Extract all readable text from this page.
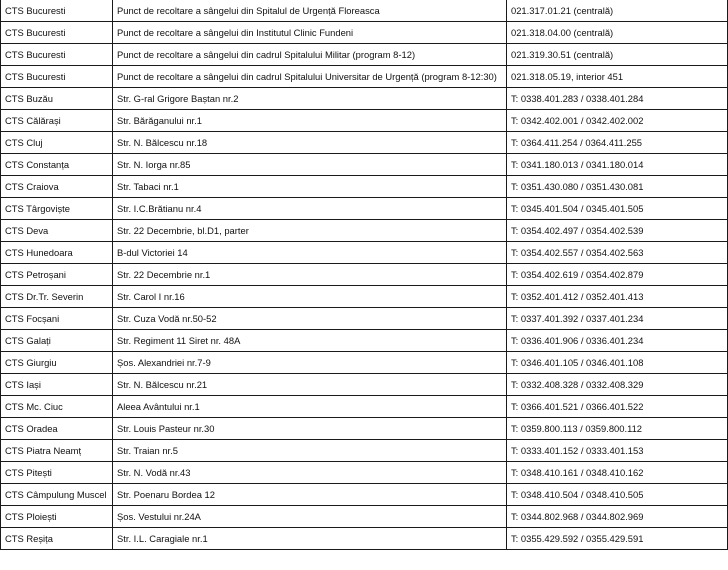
CTS Bucuresti	Punct de recoltare a sângelui din Spitalul de Urgență Floreasca	021.317.01.21 (centrală)
CTS Bucuresti	Punct de recoltare a sângelui din Institutul Clinic Fundeni	021.318.04.00 (centrală)
CTS Bucuresti	Punct de recoltare a sângelui din cadrul Spitalului Militar (program 8-12)	021.319.30.51 (centrală)
CTS Bucuresti	Punct de recoltare a sângelui din cadrul Spitalului Universitar de Urgență (program 8-12:30)	021.318.05.19, interior 451
CTS Buzău	Str. G-ral Grigore Baștan nr.2	T: 0338.401.283 / 0338.401.284
CTS Călărași	Str. Bărăganului nr.1	T: 0342.402.001 / 0342.402.002
CTS Cluj	Str. N. Bălcescu nr.18	T: 0364.411.254 / 0364.411.255
CTS Constanța	Str. N. Iorga nr.85	T: 0341.180.013 / 0341.180.014
CTS Craiova	Str. Tabaci nr.1	T: 0351.430.080 / 0351.430.081
CTS Târgoviște	Str. I.C.Brătianu nr.4	T: 0345.401.504 / 0345.401.505
CTS Deva	Str. 22 Decembrie, bl.D1, parter	T: 0354.402.497 / 0354.402.539
CTS Hunedoara	B-dul Victoriei 14	T: 0354.402.557 / 0354.402.563
CTS Petroșani	Str. 22 Decembrie nr.1	T: 0354.402.619 / 0354.402.879
CTS Dr.Tr. Severin	Str. Carol I nr.16	T: 0352.401.412 / 0352.401.413
CTS Focșani	Str. Cuza Vodă nr.50-52	T: 0337.401.392 / 0337.401.234
CTS Galați	Str. Regiment 11 Siret nr. 48A	T: 0336.401.906 / 0336.401.234
CTS Giurgiu	Șos. Alexandriei nr.7-9	T: 0346.401.105 / 0346.401.108
CTS Iași	Str. N. Bălcescu nr.21	T: 0332.408.328 / 0332.408.329
CTS Mc. Ciuc	Aleea Avântului nr.1	T: 0366.401.521 / 0366.401.522
CTS Oradea	Str. Louis Pasteur nr.30	T: 0359.800.113 / 0359.800.112
CTS Piatra Neamț	Str. Traian nr.5	T: 0333.401.152 / 0333.401.153
CTS Pitești	Str. N. Vodă nr.43	T: 0348.410.161 / 0348.410.162
CTS Câmpulung Muscel	Str. Poenaru Bordea 12	T: 0348.410.504 / 0348.410.505
CTS Ploiești	Șos. Vestului nr.24A	T: 0344.802.968 / 0344.802.969
CTS Reșița	Str. I.L. Caragiale nr.1	T: 0355.429.592 / 0355.429.591
